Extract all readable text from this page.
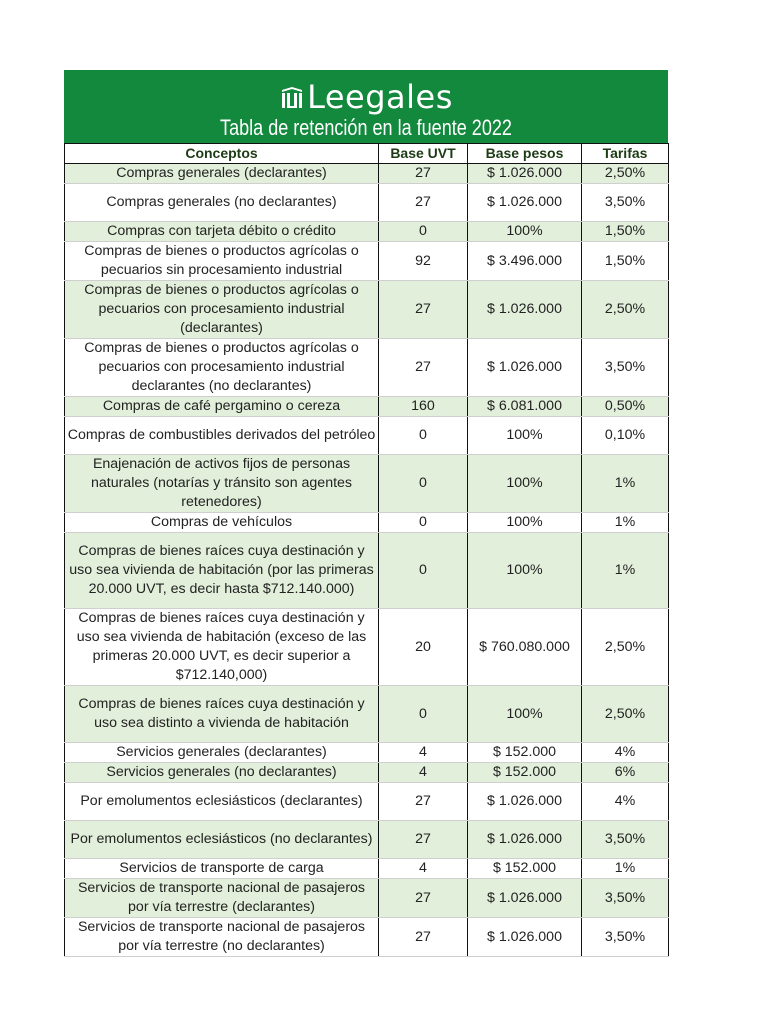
Leegales
Tabla de retención en la fuente 2022
Conceptos	Base UVT	Base pesos	Tarifas
Compras generales (declarantes)	27	$ 1.026.000	2,50%
Compras generales (no declarantes)	27	$ 1.026.000	3,50%
Compras con tarjeta débito o crédito	0	100%	1,50%
Compras de bienes o productos agrícolas o pecuarios sin procesamiento industrial	92	$ 3.496.000	1,50%
Compras de bienes o productos agrícolas o pecuarios con procesamiento industrial (declarantes)	27	$ 1.026.000	2,50%
Compras de bienes o productos agrícolas o pecuarios con procesamiento industrial declarantes (no declarantes)	27	$ 1.026.000	3,50%
Compras de café pergamino o cereza	160	$ 6.081.000	0,50%
Compras de combustibles derivados del petróleo	0	100%	0,10%
Enajenación de activos fijos de personas naturales (notarías y tránsito son agentes retenedores)	0	100%	1%
Compras de vehículos	0	100%	1%
Compras de bienes raíces cuya destinación y uso sea vivienda de habitación (por las primeras 20.000 UVT, es decir hasta $712.140.000)	0	100%	1%
Compras de bienes raíces cuya destinación y uso sea vivienda de habitación (exceso de las primeras 20.000 UVT, es decir superior a $712.140,000)	20	$ 760.080.000	2,50%
Compras de bienes raíces cuya destinación y uso sea distinto a vivienda de habitación	0	100%	2,50%
Servicios generales (declarantes)	4	$ 152.000	4%
Servicios generales (no declarantes)	4	$ 152.000	6%
Por emolumentos eclesiásticos (declarantes)	27	$ 1.026.000	4%
Por emolumentos eclesiásticos (no declarantes)	27	$ 1.026.000	3,50%
Servicios de transporte de carga	4	$ 152.000	1%
Servicios de transporte nacional de pasajeros por vía terrestre (declarantes)	27	$ 1.026.000	3,50%
Servicios de transporte nacional de pasajeros por vía terrestre (no declarantes)	27	$ 1.026.000	3,50%
